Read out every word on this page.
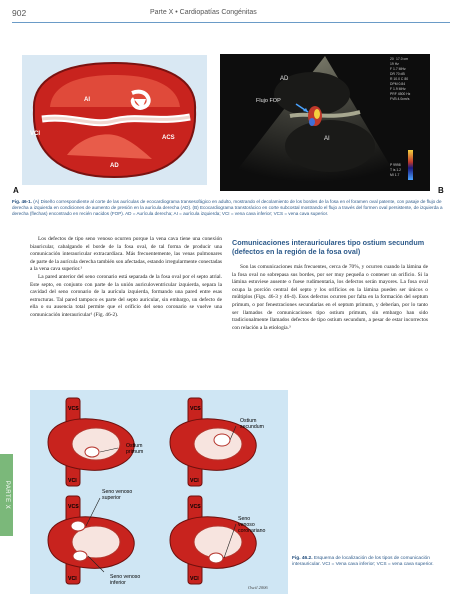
902	Parte X • Cardiopatías Congénitas
AI
VCI
ACS
AD
AD
Flujo FOP
AI
20 17.0 cm
19 Hz
F 1.7 MHz
DR 70 dB
R 10.0 C 80
DPM 0.84
F 1.9 MHz
PRF 4500 Hz
FVB 4.0cm/s
P 9998
T is 1.2
MI 1.7
A	B
Fig. 46-1. (A) Diseño correspondiente al corte de las aurículas de ecocardiograma transesofágico en adulto, mostrando el decolamiento de los bordes de la fosa en el foramen oval patente, con pasaje de flujo de derecha a izquierda en condiciones de aumento de presión en la aurícula derecha (AD). (B) Ecocardiograma transtorácico en corte subcostal mostrando el flujo a través del formen oval persistente, de izquierda a derecha (flechas) encontrado en recién nacidos (FOP). AD = Aurícula derecha; AI = aurícula izquierda; VCI = vena cava inferior; VCS = vena cava superior.

Los defectos de tipo seno venoso ocurren porque la vena cava tiene una conexión biauricular, cabalgando el borde de la fosa oval, de tal forma de producir una comunicación interauricular extracardíaca. Más frecuentemente, las venas pulmonares de parte de la aurícula derecha también son afectadas, estando irregularmente conectadas a la vena cava superior.¹

La pared anterior del seno coronario está separada de la fosa oval por el septo atrial. Este septo, en conjunto con parte de la unión auriculoventricular izquierda, separa la cavidad del seno coronario de la aurícula izquierda, formando una pared entre esas estructuras. Tal pared tampoco es parte del septo auricular, sin embargo, un defecto de ella o su ausencia total permite que el orificio del seno coronario se vuelve una comunicación interauricular¹ (Fig. 46-2).

Comunicaciones interauriculares tipo ostium secundum (defectos en la región de la fosa oval)

Son las comunicaciones más frecuentes, cerca de 70%, y ocurren cuando la lámina de la fosa oval no sobrepasa sus bordes, por ser muy pequeña o contener un orificio. Si la lámina estuviese ausente o fuese rudimentaria, los defectos serán mayores. La fosa oval ocupa la porción central del septo y los orificios en la lámina pueden ser únicos o múltiplos (Figs. 46-3 y 46-4). Esos defectos ocurren por falta en la formación del septum primum, o por fenestraciones secundarias en el septum primum, y deberían, por lo tanto ser llamados de comunicaciones tipo ostium primum, sin embargo han sido tradicionalmente llamados defectos de tipo ostium secundum, a pesar de estar incorrectos con relación a la etiología.³

VCS
VCI
VCS
VCI
VCS
VCI
VCS
VCI
Ostium
primum
Ostium
secundum
Seno venoso
superior
Seno venoso
inferior
Seno
venoso
coronariano
Oscil 2006
Fig. 46.2. Esquema de localización de los tipos de comunicación interauricular. VCI = Vena cava inferior; VCS = vena cava superior.
PARTE X
